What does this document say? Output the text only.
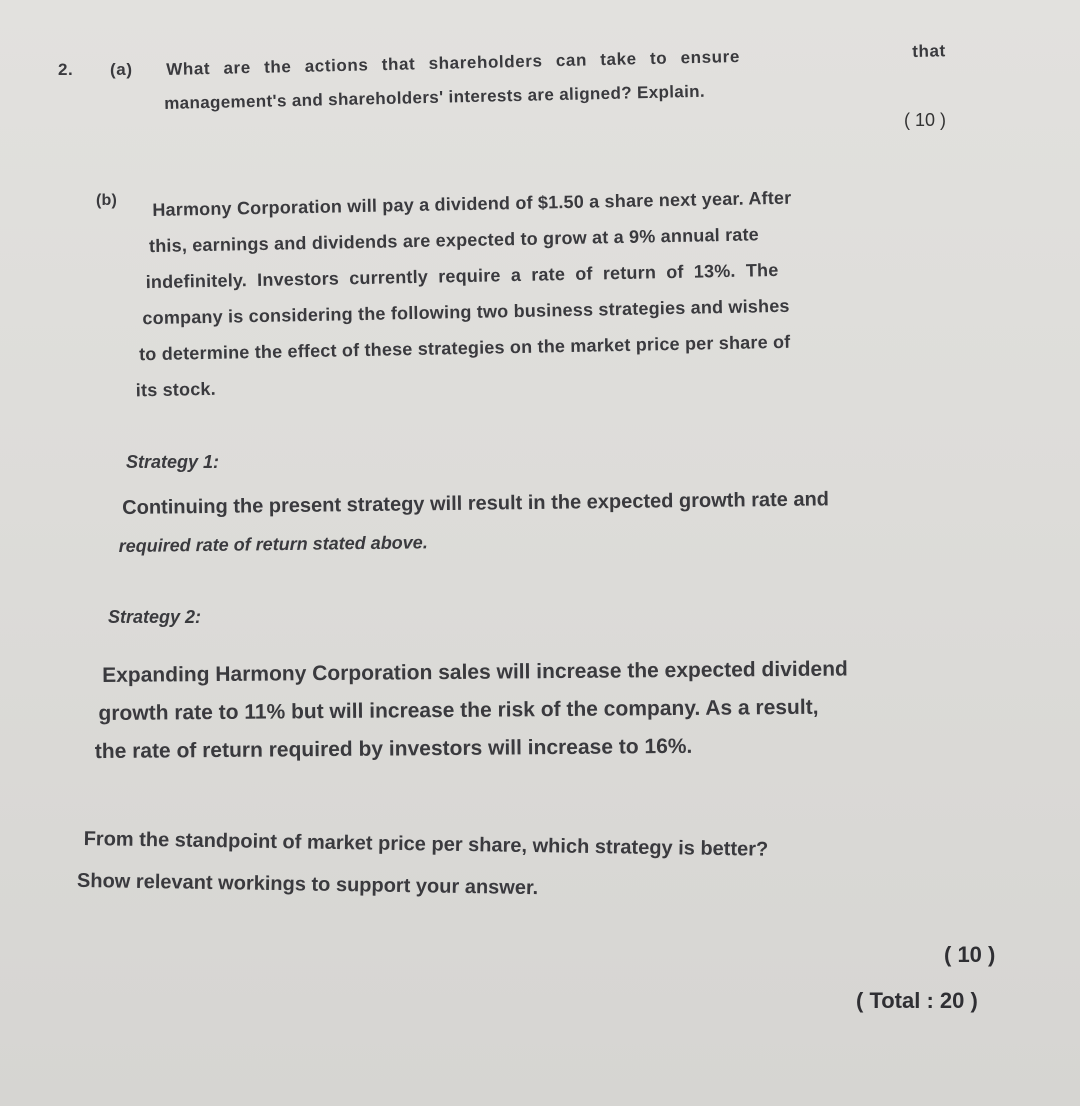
2. (a) What are the actions that shareholders can take to ensure	that
management's and shareholders' interests are aligned? Explain.
( 10 )
(b) Harmony Corporation will pay a dividend of $1.50 a share next year. After
this, earnings and dividends are expected to grow at a 9% annual rate
indefinitely. Investors currently require a rate of return of 13%. The
company is considering the following two business strategies and wishes
to determine the effect of these strategies on the market price per share of
its stock.
Strategy 1:
Continuing the present strategy will result in the expected growth rate and
required rate of return stated above.
Strategy 2:
Expanding Harmony Corporation sales will increase the expected dividend
growth rate to 11% but will increase the risk of the company. As a result,
the rate of return required by investors will increase to 16%.
From the standpoint of market price per share, which strategy is better?
Show relevant workings to support your answer.
( 10 )
( Total : 20 )
